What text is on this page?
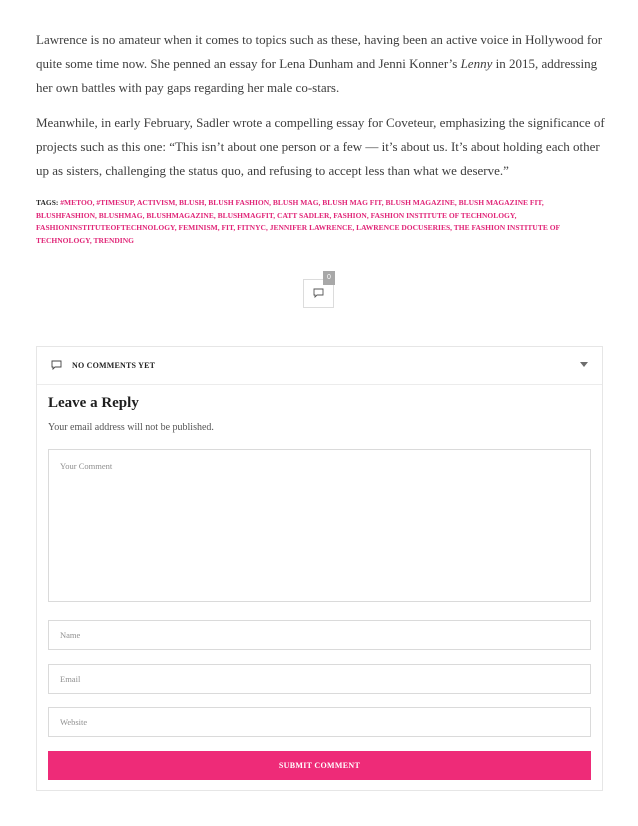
Lawrence is no amateur when it comes to topics such as these, having been an active voice in Hollywood for quite some time now. She penned an essay for Lena Dunham and Jenni Konner’s Lenny in 2015, addressing her own battles with pay gaps regarding her male co-stars.

Meanwhile, in early February, Sadler wrote a compelling essay for Coveteur, emphasizing the significance of projects such as this one: “This isn’t about one person or a few — it’s about us. It’s about holding each other up as sisters, challenging the status quo, and refusing to accept less than what we deserve.”

TAGS: #METOO, #TIMESUP, ACTIVISM, BLUSH, BLUSH FASHION, BLUSH MAG, BLUSH MAG FIT, BLUSH MAGAZINE, BLUSH MAGAZINE FIT, BLUSHFASHION, BLUSHMAG, BLUSHMAGAZINE, BLUSHMAGFIT, CATT SADLER, FASHION, FASHION INSTITUTE OF TECHNOLOGY, FASHIONINSTITUTEOFTECHNOLOGY, FEMINISM, FIT, FITNYC, JENNIFER LAWRENCE, LAWRENCE DOCUSERIES, THE FASHION INSTITUTE OF TECHNOLOGY, TRENDING
0
NO COMMENTS YET
Leave a Reply
Your email address will not be published.
Your Comment
Name
Email
Website
SUBMIT COMMENT
